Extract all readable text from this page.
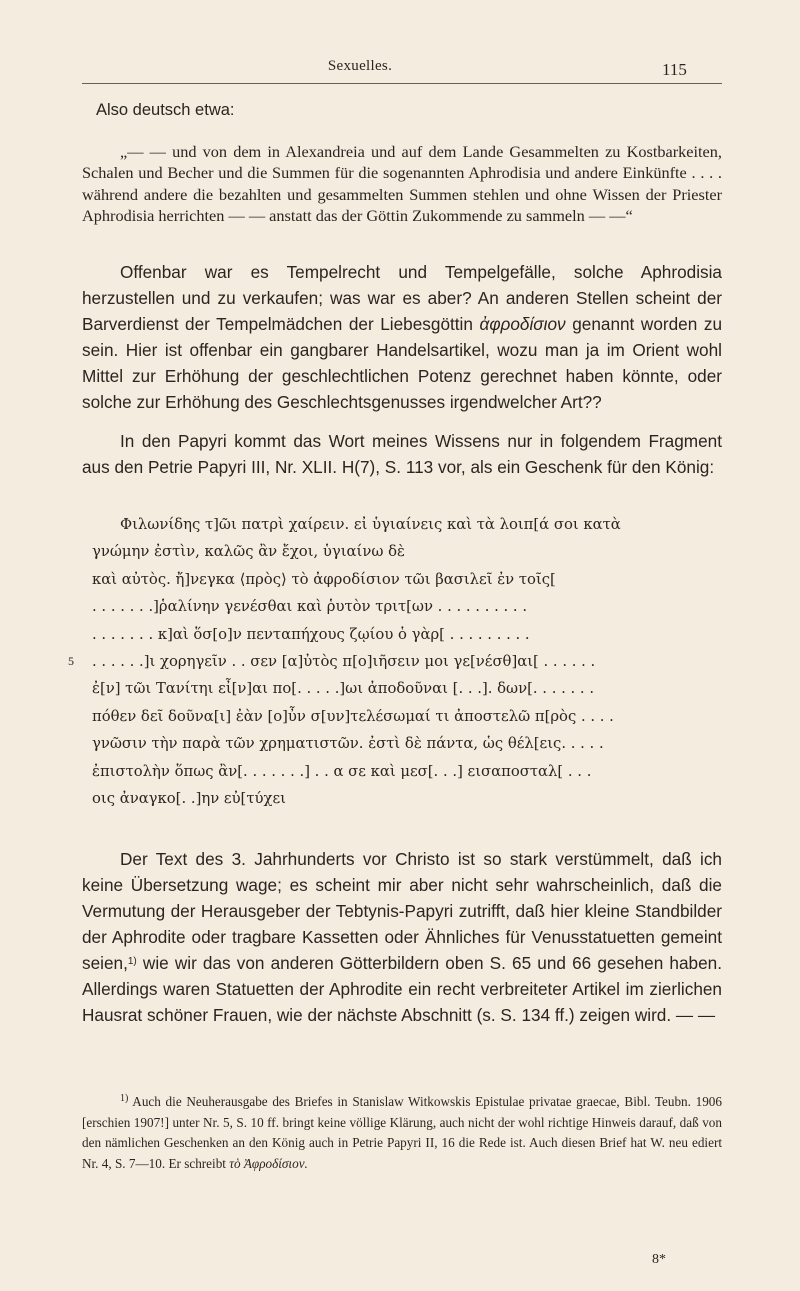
Sexuelles.	115

Also deutsch etwa:

„— — und von dem in Alexandreia und auf dem Lande Gesammelten zu Kostbarkeiten, Schalen und Becher und die Summen für die sogenannten Aphrodisia und andere Einkünfte . . . . während andere die bezahlten und gesammelten Summen stehlen und ohne Wissen der Priester Aphrodisia herrichten — — anstatt das der Göttin Zukommende zu sammeln — —“

Offenbar war es Tempelrecht und Tempelgefälle, solche Aphrodisia herzustellen und zu verkaufen; was war es aber? An anderen Stellen scheint der Barverdienst der Tempelmädchen der Liebesgöttin ἀφροδίσιον genannt worden zu sein. Hier ist offenbar ein gangbarer Handelsartikel, wozu man ja im Orient wohl Mittel zur Erhöhung der geschlechtlichen Potenz gerechnet haben könnte, oder solche zur Erhöhung des Geschlechtsgenusses irgendwelcher Art??

In den Papyri kommt das Wort meines Wissens nur in folgendem Fragment aus den Petrie Papyri III, Nr. XLII. H(7), S. 113 vor, als ein Geschenk für den König:

Φιλωνίδης τ]ῶι πατρὶ χαίρειν. εἰ ὑγιαίνεις καὶ τὰ λοιπ[ά σοι κατὰ
γνώμην ἐστὶν, καλῶς ἂν ἔχοι, ὑγιαίνω δὲ
καὶ αὐτὸς. ἤ]νεγκα ⟨πρὸς⟩ τὸ ἀφροδίσιον τῶι βασιλεῖ ἐν τοῖς[
. . . . . . .]ῥαλίνην γενέσθαι καὶ ῥυτὸν τριτ[ων . . . . . . . . . .
. . . . . . . κ]αὶ ὅσ[ο]ν πενταπήχους ζῳίου ὁ γὰρ[ . . . . . . . . .
5 . . . . . .]ι χορηγεῖν . . σεν [α]ὐτὸς π[ο]ιῆσειν μοι γε[νέσθ]αι[ . . . . . .
ἐ[ν] τῶι Τανίτηι εἶ[ν]αι πο[. . . . .]ωι ἀποδοῦναι [. . .]. δων[. . . . . . .
πόθεν δεῖ δοῦνα[ι] ἐὰν [ο]ὖν σ[υν]τελέσωμαί τι ἀποστελῶ π[ρὸς . . . .
γνῶσιν τὴν παρὰ τῶν χρηματιστῶν. ἐστὶ δὲ πάντα, ὡς θέλ[εις. . . . .
ἐπιστολὴν ὅπως ἂν[. . . . . . .] . . α σε καὶ μεσ[. . .] εισαποσταλ[ . . .
οις ἀναγκο[. .]ην εὐ[τύχει

Der Text des 3. Jahrhunderts vor Christo ist so stark verstümmelt, daß ich keine Übersetzung wage; es scheint mir aber nicht sehr wahrscheinlich, daß die Vermutung der Herausgeber der Tebtynis-Papyri zutrifft, daß hier kleine Standbilder der Aphrodite oder tragbare Kassetten oder Ähnliches für Venusstatuetten gemeint seien,$^{1)}$ wie wir das von anderen Götterbildern oben S. 65 und 66 gesehen haben. Allerdings waren Statuetten der Aphrodite ein recht verbreiteter Artikel im zierlichen Hausrat schöner Frauen, wie der nächste Abschnitt (s. S. 134 ff.) zeigen wird. — —

$^{1)}$ Auch die Neuherausgabe des Briefes in Stanislaw Witkowskis Epistulae privatae graecae, Bibl. Teubn. 1906 [erschien 1907!] unter Nr. 5, S. 10 ff. bringt keine völlige Klärung, auch nicht der wohl richtige Hinweis darauf, daß von den nämlichen Geschenken an den König auch in Petrie Papyri II, 16 die Rede ist. Auch diesen Brief hat W. neu ediert Nr. 4, S. 7—10. Er schreibt τὸ Ἀφροδίσιον.

8*
